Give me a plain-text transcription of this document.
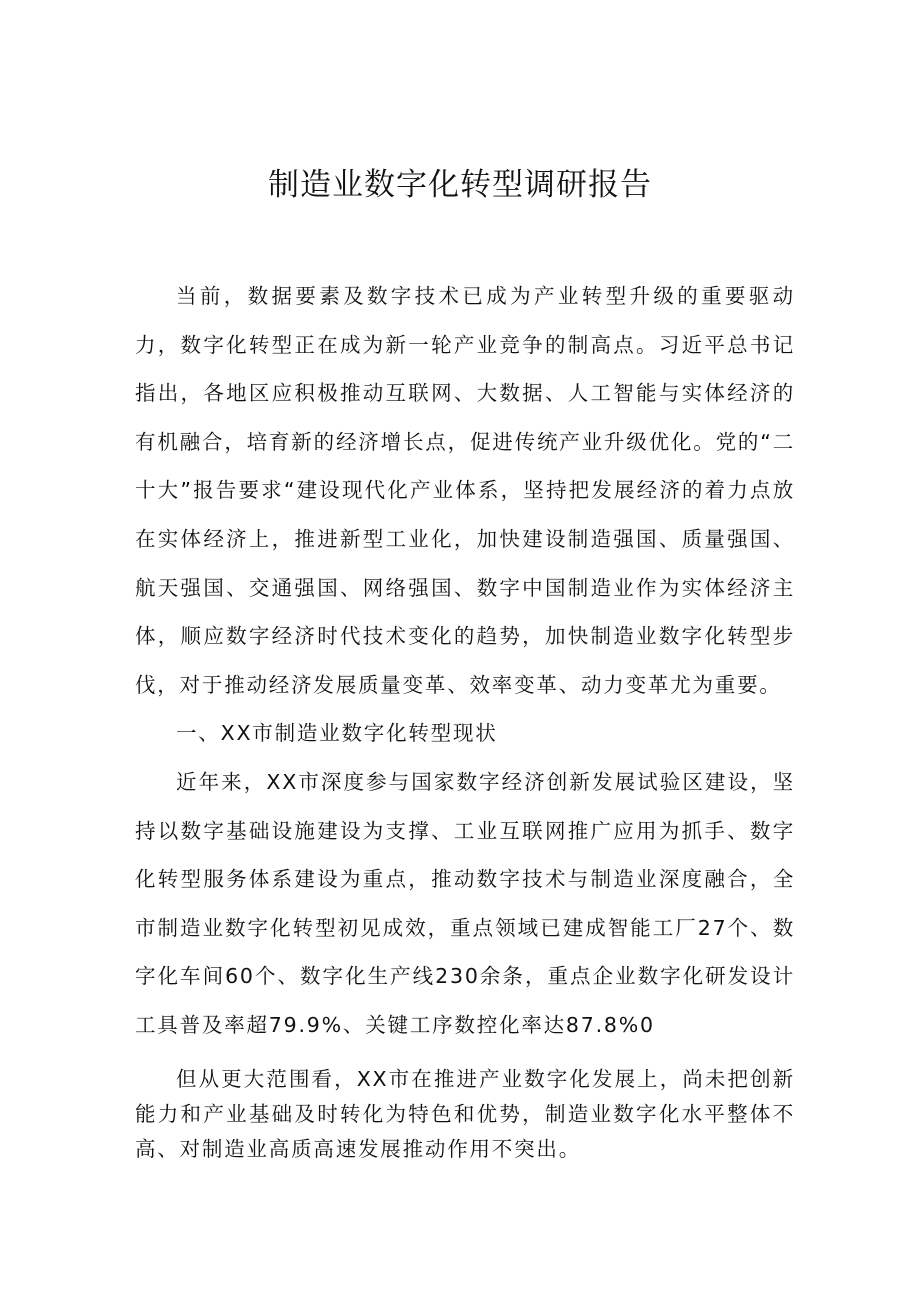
制造业数字化转型调研报告

当前，数据要素及数字技术已成为产业转型升级的重要驱动力，数字化转型正在成为新一轮产业竞争的制高点。习近平总书记指出，各地区应积极推动互联网、大数据、人工智能与实体经济的有机融合，培育新的经济增长点，促进传统产业升级优化。党的“二十大”报告要求“建设现代化产业体系，坚持把发展经济的着力点放在实体经济上，推进新型工业化，加快建设制造强国、质量强国、航天强国、交通强国、网络强国、数字中国制造业作为实体经济主体，顺应数字经济时代技术变化的趋势，加快制造业数字化转型步伐，对于推动经济发展质量变革、效率变革、动力变革尤为重要。

一、XX市制造业数字化转型现状

近年来，XX市深度参与国家数字经济创新发展试验区建设，坚持以数字基础设施建设为支撑、工业互联网推广应用为抓手、数字化转型服务体系建设为重点，推动数字技术与制造业深度融合，全市制造业数字化转型初见成效，重点领域已建成智能工厂27个、数字化车间60个、数字化生产线230余条，重点企业数字化研发设计工具普及率超79.9%、关键工序数控化率达87.8%0

但从更大范围看，XX市在推进产业数字化发展上，尚未把创新能力和产业基础及时转化为特色和优势，制造业数字化水平整体不高、对制造业高质高速发展推动作用不突出。
